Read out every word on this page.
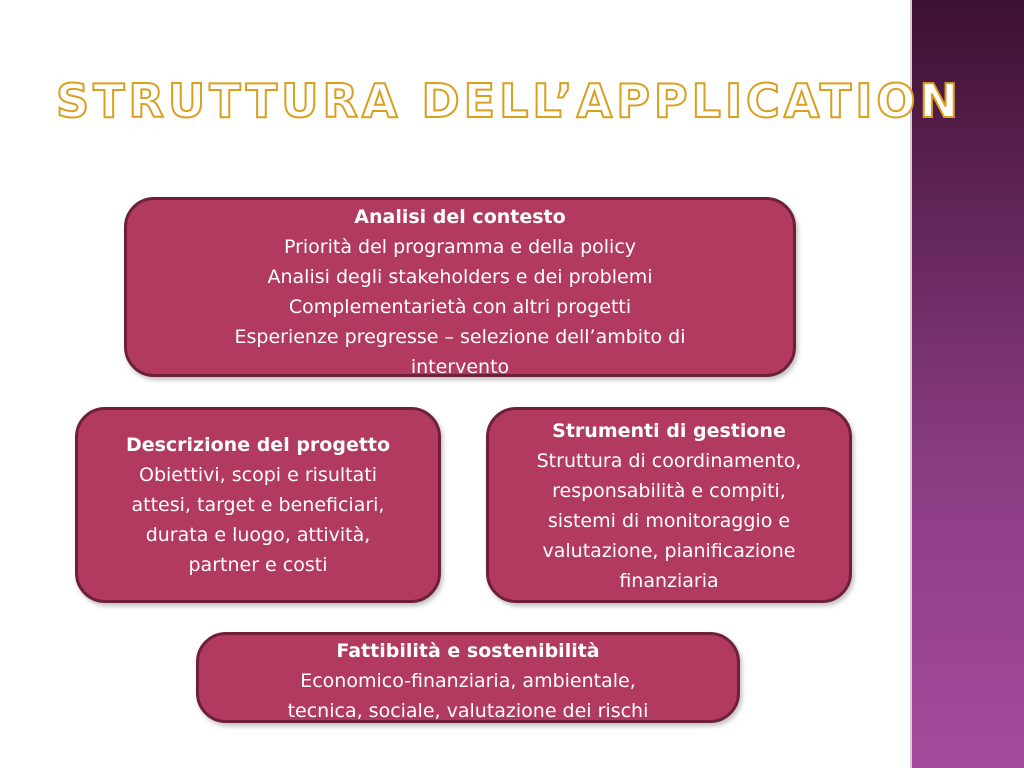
STRUTTURA DELL’APPLICATION
Analisi del contesto
Priorità del programma e della policy
Analisi degli stakeholders e dei problemi
Complementarietà con altri progetti
Esperienze pregresse – selezione dell’ambito di
intervento
Descrizione del progetto
Obiettivi, scopi e risultati
attesi, target e beneficiari,
durata e luogo, attività,
partner e costi
Strumenti di gestione
Struttura di coordinamento,
responsabilità e compiti,
sistemi di monitoraggio e
valutazione, pianificazione
finanziaria
Fattibilità e sostenibilità
Economico-finanziaria, ambientale,
tecnica, sociale, valutazione dei rischi
